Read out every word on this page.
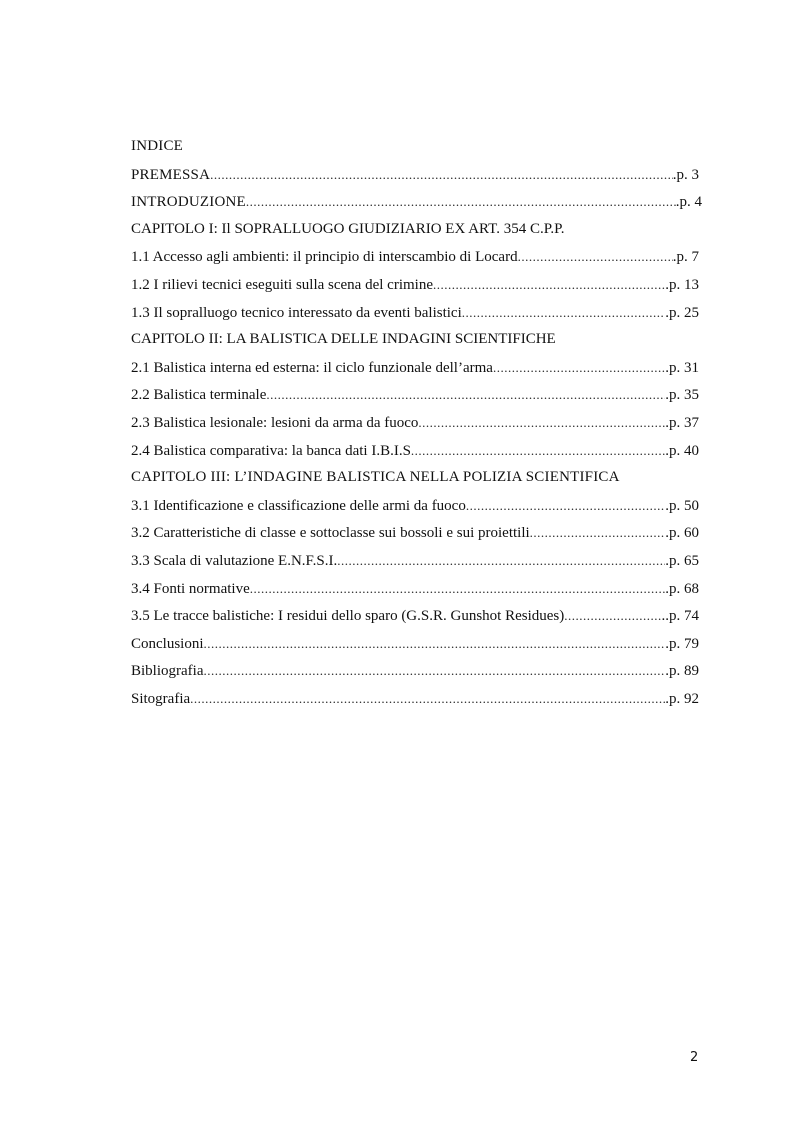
INDICE
PREMESSA .....	.p. 3
INTRODUZIONE .....	.p. 4
CAPITOLO I: Il SOPRALLUOGO GIUDIZIARIO EX ART. 354 C.P.P.
1.1 Accesso agli ambienti: il principio di interscambio di Locard .....	.p. 7
1.2 I rilievi tecnici eseguiti sulla scena del crimine .....	.p. 13
1.3 Il sopralluogo tecnico interessato da eventi balistici .....	.p. 25
CAPITOLO II: LA BALISTICA DELLE INDAGINI SCIENTIFICHE
2.1 Balistica interna ed esterna: il ciclo funzionale dell’arma .....	.p. 31
2.2 Balistica terminale .....	.p. 35
2.3 Balistica lesionale: lesioni da arma da fuoco .....	.p. 37
2.4 Balistica comparativa: la banca dati I.B.I.S .....	.p. 40
CAPITOLO III: L’INDAGINE BALISTICA NELLA POLIZIA SCIENTIFICA
3.1 Identificazione e classificazione delle armi da fuoco .....	.p. 50
3.2 Caratteristiche di classe e sottoclasse sui bossoli e sui proiettili .....	.p. 60
3.3 Scala di valutazione E.N.F.S.I. .....	.p. 65
3.4 Fonti normative .....	.p. 68
3.5 Le tracce balistiche: I residui dello sparo (G.S.R. Gunshot Residues) .....	..p. 74
Conclusioni .....	.p. 79
Bibliografia .....	.p. 89
Sitografia .....	.p. 92
2
